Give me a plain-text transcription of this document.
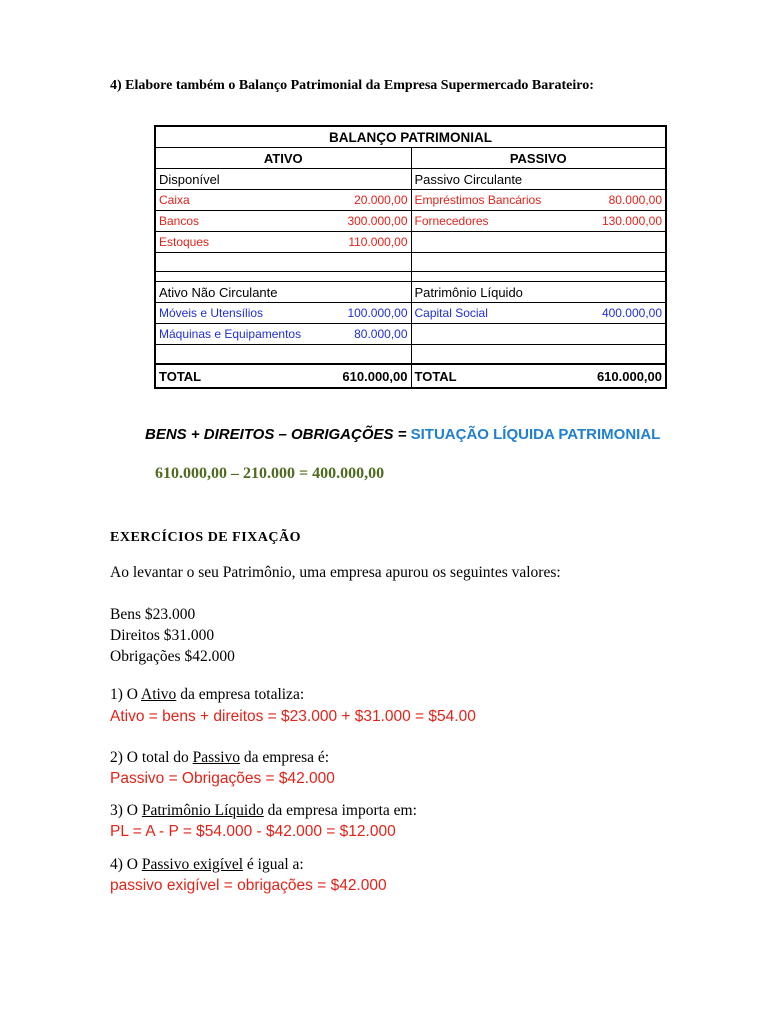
4) Elabore também o Balanço Patrimonial da Empresa Supermercado Barateiro:
BALANÇO PATRIMONIAL	
ATIVO	PASSIVO
Disponível	Passivo Circulante

Caixa 20.000,00	Empréstimos Bancários 80.000,00

Bancos 300.000,00	Fornecedores 130.000,00

Estoques 110.000,00	

Ativo Não Circulante	Patrimônio Líquido

Móveis e Utensílios 100.000,00	Capital Social 400.000,00

Máquinas e Equipamentos 80.000,00	

TOTAL 610.000,00	TOTAL 610.000,00
BENS + DIREITOS – OBRIGAÇÕES = SITUAÇÃO LÍQUIDA PATRIMONIAL
610.000,00 – 210.000 = 400.000,00
EXERCÍCIOS DE FIXAÇÃO
Ao levantar o seu Patrimônio, uma empresa apurou os seguintes valores:
Bens $23.000
Direitos $31.000
Obrigações $42.000
1) O Ativo da empresa totaliza:
Ativo = bens + direitos = $23.000 + $31.000 = $54.00
2) O total do Passivo da empresa é:
Passivo = Obrigações = $42.000
3) O Patrimônio Líquido da empresa importa em:
PL = A - P = $54.000 - $42.000 = $12.000
4) O Passivo exigível é igual a:
passivo exigível = obrigações = $42.000
